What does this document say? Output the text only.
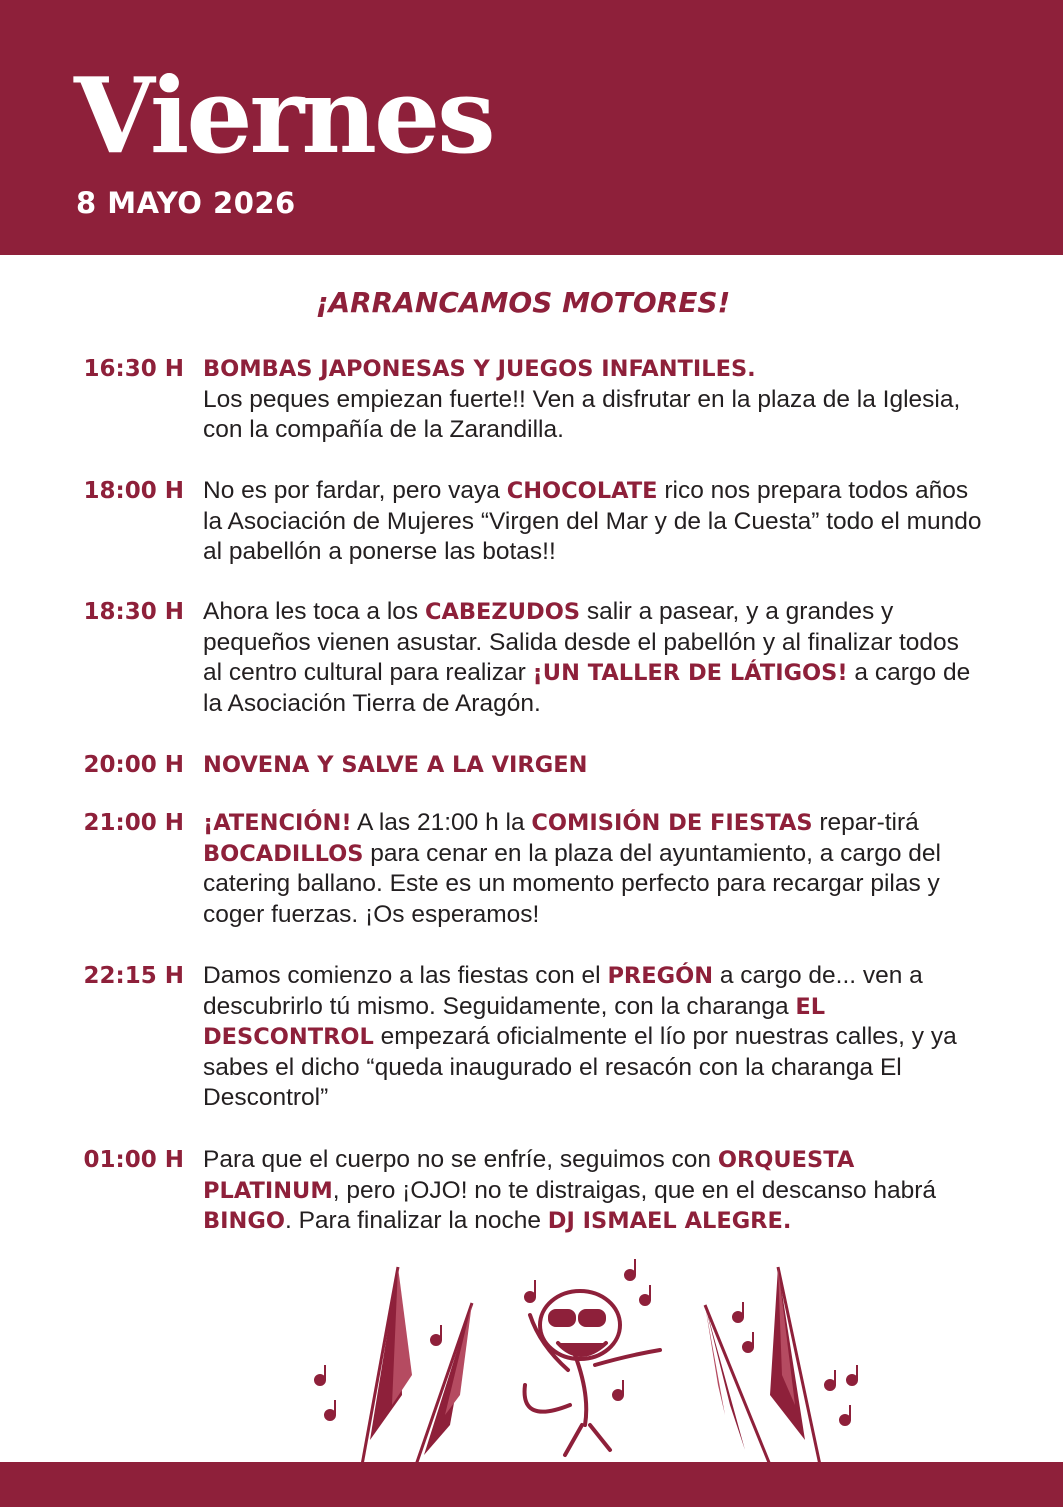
Viernes
8 MAYO 2026
¡ARRANCAMOS MOTORES!
16:30 H BOMBAS JAPONESAS Y JUEGOS INFANTILES.
Los peques empiezan fuerte!! Ven a disfrutar en la plaza de la Iglesia, con la compañía de la Zarandilla.
18:00 H No es por fardar, pero vaya CHOCOLATE rico nos prepara todos años la Asociación de Mujeres “Virgen del Mar y de la Cuesta” todo el mundo al pabellón a ponerse las botas!!
18:30 H Ahora les toca a los CABEZUDOS salir a pasear, y a grandes y pequeños vienen asustar. Salida desde el pabellón y al finalizar todos al centro cultural para realizar ¡UN TALLER DE LÁTIGOS! a cargo de la Asociación Tierra de Aragón.
20:00 H NOVENA Y SALVE A LA VIRGEN
21:00 H ¡ATENCIÓN! A las 21:00 h la COMISIÓN DE FIESTAS repar-tirá BOCADILLOS para cenar en la plaza del ayuntamiento, a cargo del catering ballano. Este es un momento perfecto para recargar pilas y coger fuerzas. ¡Os esperamos!
22:15 H Damos comienzo a las fiestas con el PREGÓN a cargo de... ven a descubrirlo tú mismo. Seguidamente, con la charanga EL DESCONTROL empezará oficialmente el lío por nuestras calles, y ya sabes el dicho “queda inaugurado el resacón con la charanga El Descontrol”
01:00 H Para que el cuerpo no se enfríe, seguimos con ORQUESTA PLATINUM, pero ¡OJO! no te distraigas, que en el descanso habrá BINGO. Para finalizar la noche DJ ISMAEL ALEGRE.
